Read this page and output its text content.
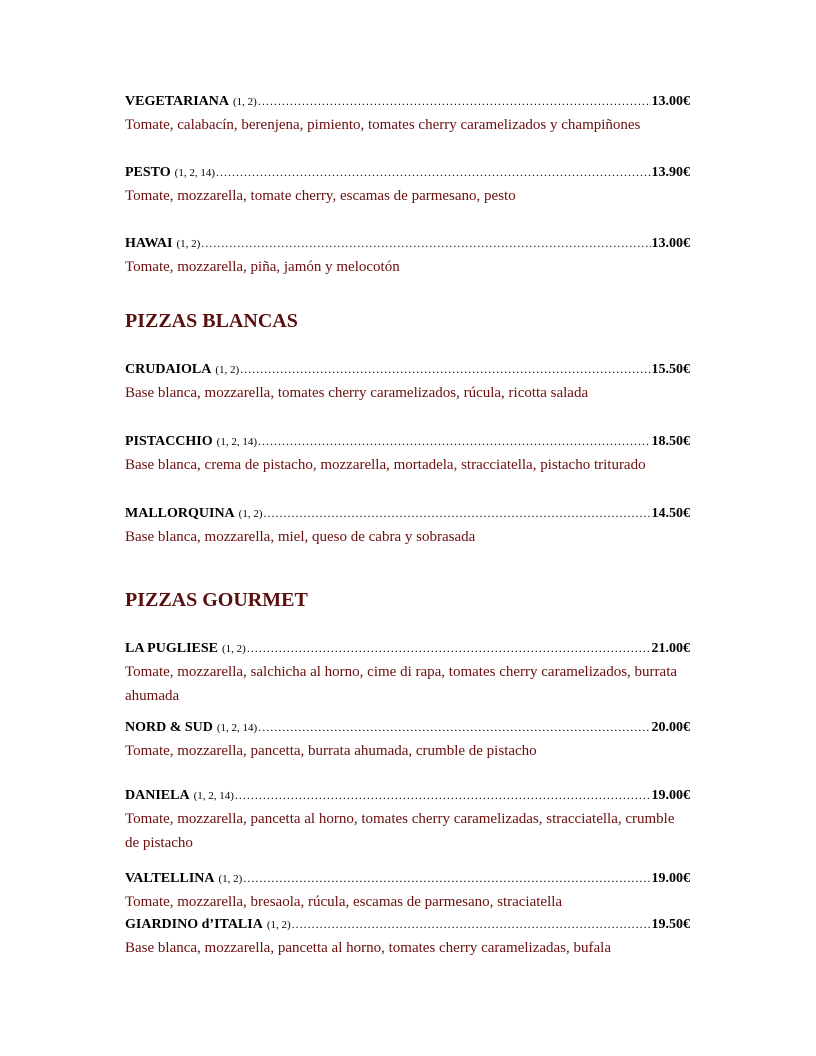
VEGETARIANA (1, 2) .....	13.00€
Tomate, calabacín, berenjena, pimiento, tomates cherry caramelizados y champiñones
PESTO (1, 2, 14) .....	13.90€
Tomate, mozzarella, tomate cherry, escamas de parmesano, pesto
HAWAI (1, 2) .....	13.00€
Tomate, mozzarella, piña, jamón y melocotón
PIZZAS BLANCAS
CRUDAIOLA (1, 2) .....	15.50€
Base blanca, mozzarella, tomates cherry caramelizados, rúcula, ricotta salada
PISTACCHIO (1, 2, 14) .....	18.50€
Base blanca, crema de pistacho, mozzarella, mortadela, stracciatella, pistacho triturado
MALLORQUINA (1, 2) .....	14.50€
Base blanca, mozzarella, miel, queso de cabra y sobrasada
PIZZAS GOURMET
LA PUGLIESE (1, 2) .....	21.00€
Tomate, mozzarella, salchicha al horno, cime di rapa, tomates cherry caramelizados, burrata ahumada
NORD & SUD (1, 2, 14) .....	20.00€
Tomate, mozzarella, pancetta, burrata ahumada, crumble de pistacho
DANIELA (1, 2, 14) .....	19.00€
Tomate, mozzarella, pancetta al horno, tomates cherry caramelizadas, stracciatella, crumble de pistacho
VALTELLINA (1, 2) .....	19.00€
Tomate, mozzarella, bresaola, rúcula, escamas de parmesano, straciatella
GIARDINO d’ITALIA (1, 2) .....	19.50€
Base blanca, mozzarella, pancetta al horno, tomates cherry caramelizadas, bufala
